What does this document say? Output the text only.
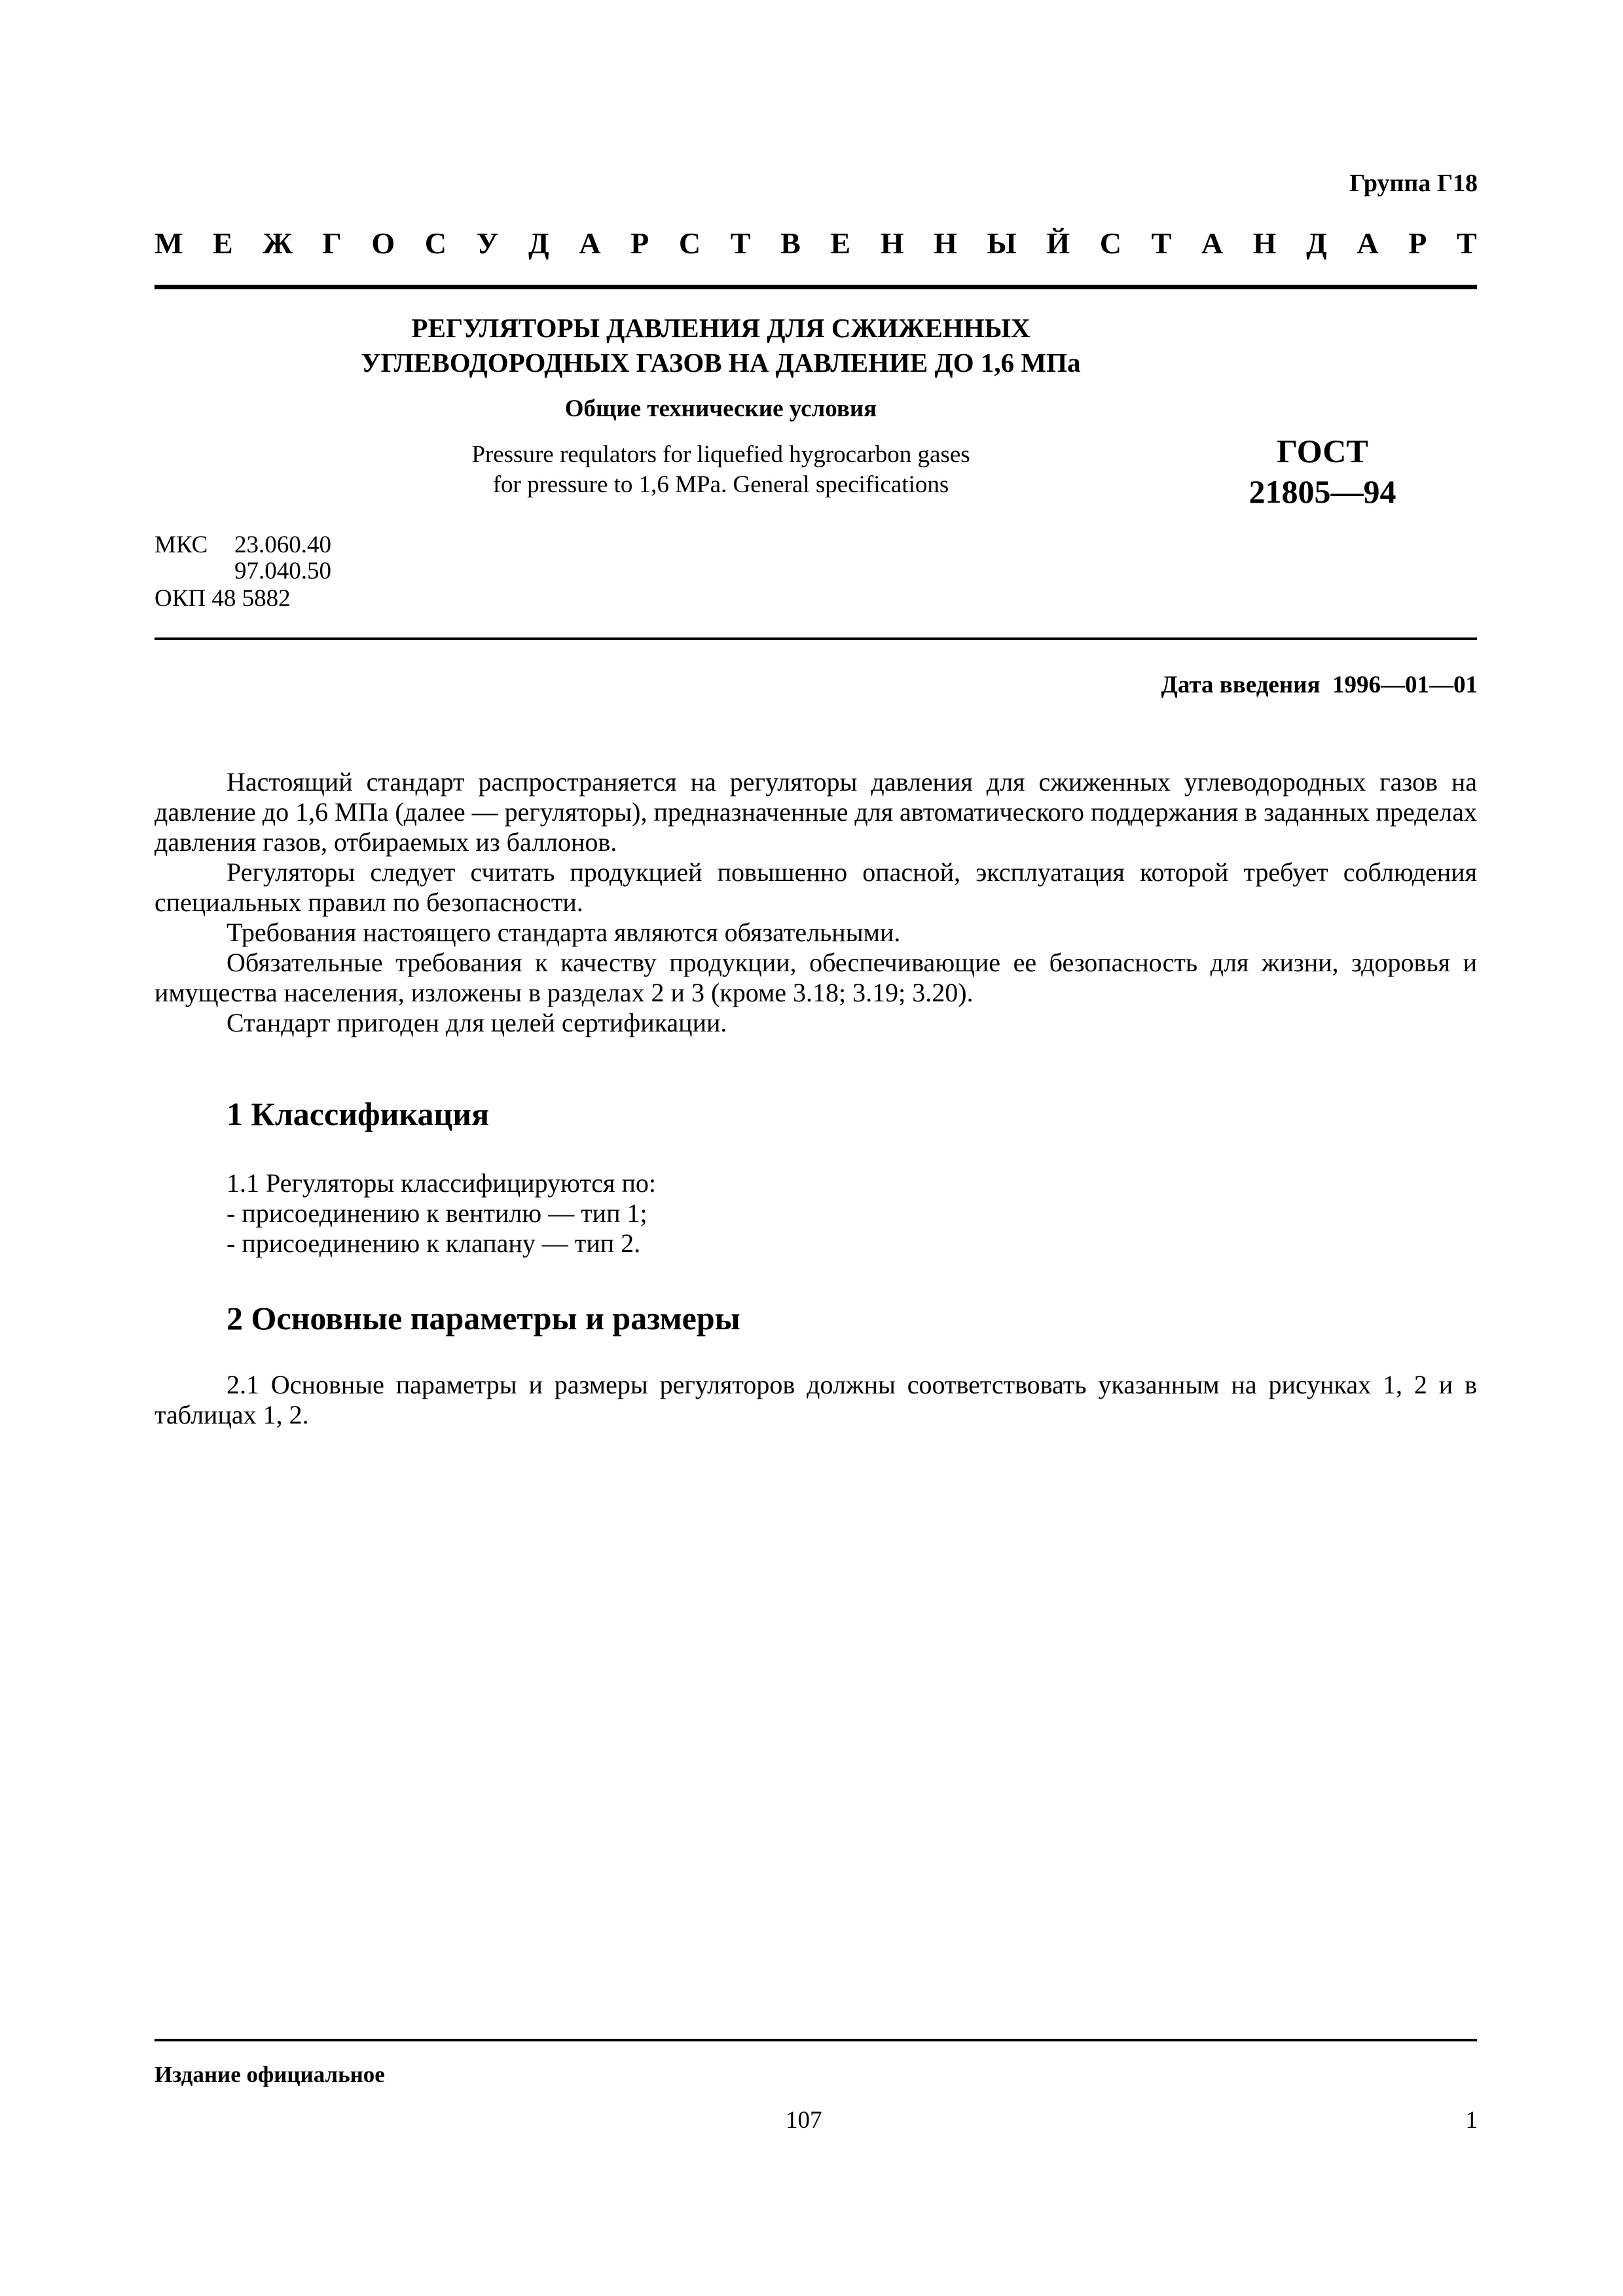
Группа Г18
М Е Ж Г О С У Д А Р С Т В Е Н Н Ы Й С Т А Н Д А Р Т
РЕГУЛЯТОРЫ ДАВЛЕНИЯ ДЛЯ СЖИЖЕННЫХ
УГЛЕВОДОРОДНЫХ ГАЗОВ НА ДАВЛЕНИЕ ДО 1,6 МПа
Общие технические условия
Pressure requlators for liquefied hygrocarbon gases
for pressure to 1,6 MPa. General specifications
ГОСТ
21805—94
МКС 23.060.40
97.040.50
ОКП 48 5882
Дата введения  1996—01—01

Настоящий стандарт распространяется на регуляторы давления для сжиженных углеводородных газов на давление до 1,6 МПа (далее — регуляторы), предназначенные для автоматического поддержания в заданных пределах давления газов, отбираемых из баллонов.

Регуляторы следует считать продукцией повышенно опасной, эксплуатация которой требует соблюдения специальных правил по безопасности.

Требования настоящего стандарта являются обязательными.

Обязательные требования к качеству продукции, обеспечивающие ее безопасность для жизни, здоровья и имущества населения, изложены в разделах 2 и 3 (кроме 3.18; 3.19; 3.20).

Стандарт пригоден для целей сертификации.

1 Классификация
1.1 Регуляторы классифицируются по:
- присоединению к вентилю — тип 1;
- присоединению к клапану — тип 2.
2 Основные параметры и размеры

2.1 Основные параметры и размеры регуляторов должны соответствовать указанным на рисунках 1, 2 и в таблицах 1, 2.

Издание официальное
107	1
